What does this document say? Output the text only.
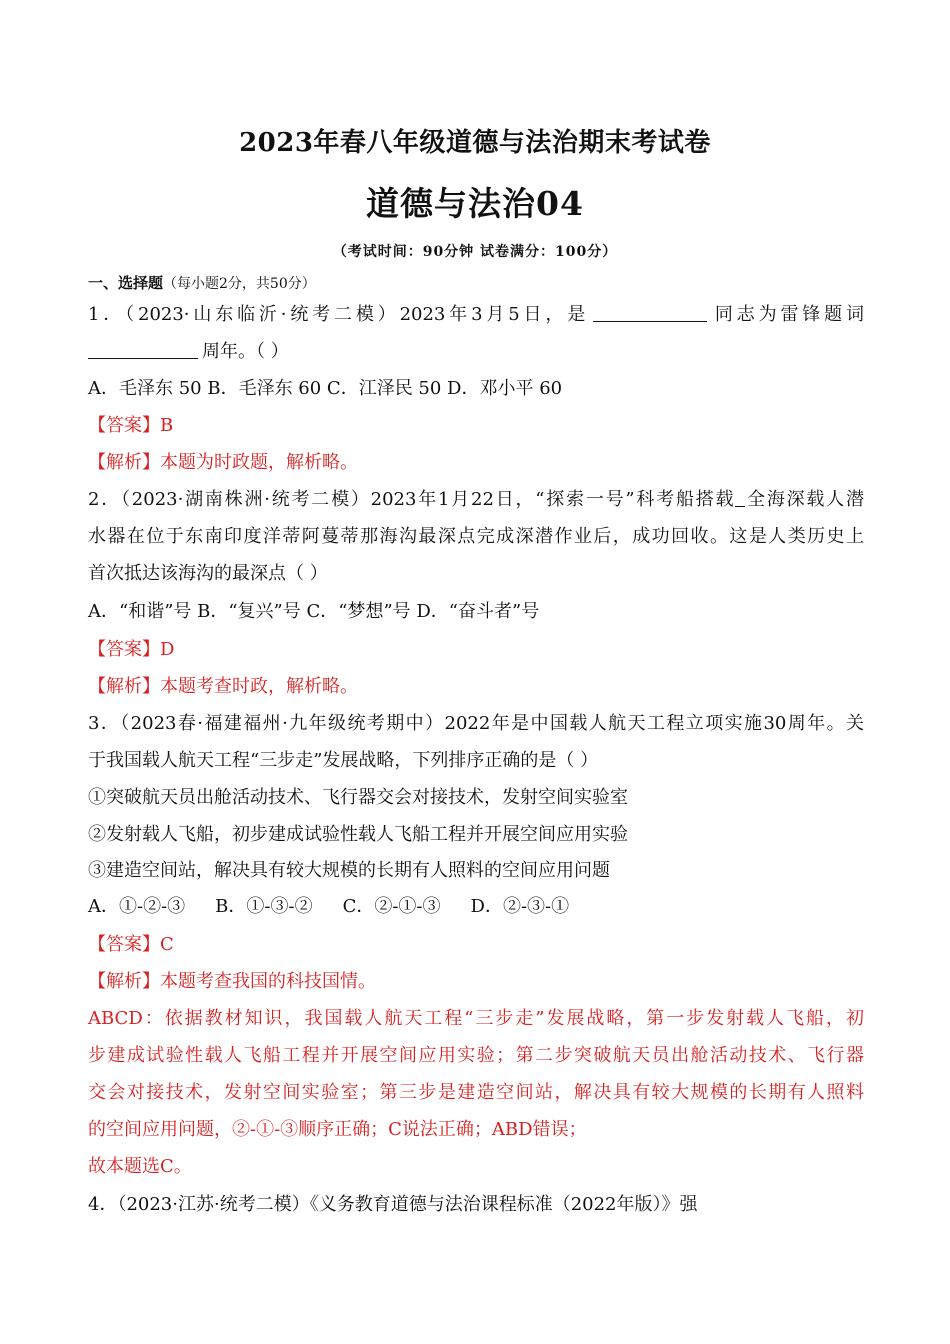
2023年春八年级道德与法治期末考试卷
道德与法治04
（考试时间：90分钟 试卷满分：100分）
一、选择题（每小题2分，共50分）
1．（2023·山东临沂·统考二模）2023年3月5日，是	同志为雷锋题词
周年。（ ）
A．毛泽东 50 B．毛泽东 60 C．江泽民 50 D．邓小平 60
【答案】B
【解析】本题为时政题，解析略。
2．（2023·湖南株洲·统考二模）2023年1月22日，“探索一号”科考船搭载 全海深载人潜
水器在位于东南印度洋蒂阿蔓蒂那海沟最深点完成深潜作业后，成功回收。这是人类历史上
首次抵达该海沟的最深点（ ）
A．“和谐”号 B．“复兴”号 C．“梦想”号 D．“奋斗者”号
【答案】D
【解析】本题考查时政，解析略。
3．（2023春·福建福州·九年级统考期中）2022年是中国载人航天工程立项实施30周年。关
于我国载人航天工程“三步走”发展战略，下列排序正确的是（ ）
①突破航天员出舱活动技术、飞行器交会对接技术，发射空间实验室
②发射载人飞船，初步建成试验性载人飞船工程并开展空间应用实验
③建造空间站，解决具有较大规模的长期有人照料的空间应用问题
A．①-②-③ B．①-③-② C．②-①-③ D．②-③-①
【答案】C
【解析】本题考查我国的科技国情。
ABCD：依据教材知识，我国载人航天工程“三步走”发展战略，第一步发射载人飞船，初
步建成试验性载人飞船工程并开展空间应用实验；第二步突破航天员出舱活动技术、飞行器
交会对接技术，发射空间实验室；第三步是建造空间站，解决具有较大规模的长期有人照料
的空间应用问题，②-①-③顺序正确；C说法正确；ABD错误；
故本题选C。
4．（2023·江苏·统考二模）《义务教育道德与法治课程标准（2022年版）》强
